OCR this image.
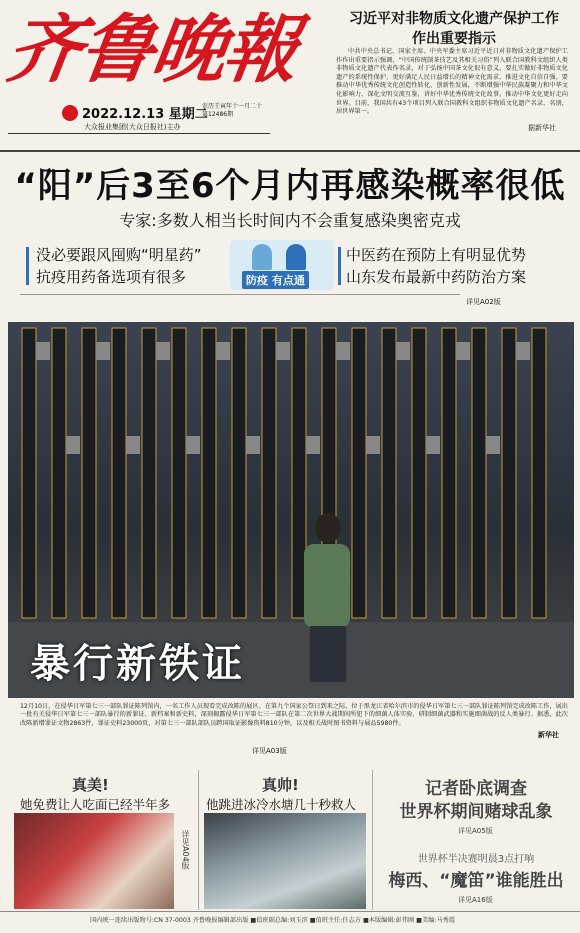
齐鲁晚報
2022.12.13 星期二
农历壬寅年十一月二十 第12486期
大众报业集团(大众日报社)主办
习近平对非物质文化遗产保护工作
作出重要指示
中共中央总书记、国家主席、中央军委主席习近平近日对非物质文化遗产保护工作作出重要指示强调，“中国传统制茶技艺及其相关习俗”列入联合国教科文组织人类非物质文化遗产代表作名录，对于弘扬中国茶文化很有意义。要扎实做好非物质文化遗产的系统性保护，更好满足人民日益增长的精神文化需求，推进文化自信自强。要推动中华优秀传统文化创造性转化、创新性发展，不断增强中华民族凝聚力和中华文化影响力，深化文明交流互鉴，讲好中华优秀传统文化故事，推动中华文化更好走向世界。目前，我国共有43个项目列入联合国教科文组织非物质文化遗产名录、名册，居世界第一。
据新华社
“阳”后3至6个月内再感染概率很低
专家:多数人相当长时间内不会重复感染奥密克戎
没必要跟风囤购“明星药”
抗疫用药备选项有很多	防疫 有点通
中医药在预防上有明显优势
山东发布最新中药防治方案
详见A02版
暴行新铁证
12月10日，在侵华日军第七三一部队罪证陈列馆内，一名工作人员现看完成改陈的展区。在第九个国家公祭日到来之际，位于黑龙江省哈尔滨市的侵华日军第七三一部队罪证陈列馆完成改陈工作，展出一批有关侵华日军第七三一部队暴行的新罪证、新档案和新史料，深刻揭露侵华日军第七三一部队在第二次世界大战期间所犯下的细菌人体实验、研制细菌武器和实施细菌战的反人类暴行。据悉，此次改陈新增罪证文物2863件，罪证史料23000页，对第七三一部队部队员跨国取证影像资料810分钟，以及相关战时图书资料与展品5980件。
新华社
详见A03版
真美!
她免费让人吃面已经半年多
详见A04版
真帅!
他跳进冰冷水塘几十秒救人
记者卧底调查
世界杯期间赌球乱象
详见A05版
世界杯半决赛明晨3点打响
梅西、“魔笛”谁能胜出
详见A16版
国内统一连续出版物号:CN 37-0003 齐鲁晚报编辑部出版 ■值班副总编:刘玉滨 ■值班主任:任志方 ■本版编辑:彭伟刚 ■美编:马秀霞
